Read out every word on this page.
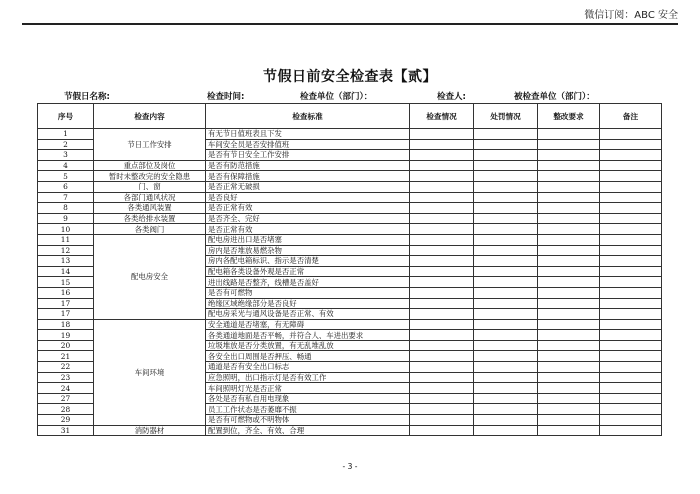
微信订阅：ABC 安全
节假日前安全检查表【贰】
节假日名称:	检查时间:	检查单位（部门）：	检查人:	被检查单位（部门）：
序号	检查内容	检查标准	检查情况	处罚情况	整改要求	备注
1	节日工作安排	有无节日值班表且下发				
2		车间安全员是否安排值班				
3		是否有节日安全工作安排				
4	重点部位及岗位	是否有防范措施				
5	暂时未整改完的安全隐患	是否有保障措施				
6	门、窗	是否正常无破损				
7	各部门通风状况	是否良好				
8	各类通风装置	是否正常有效				
9	各类给排水装置	是否齐全、完好				
10	各类阀门	是否正常有效				
11	配电房安全	配电房进出口是否堵塞				
12		房内是否堆放易燃杂物				
13		房内各配电箱标识、指示是否清楚				
14		配电箱各类设备外观是否正常				
15		进出线路是否整齐，线槽是否盖好				
16		是否有可燃物				
17		绝缘区域绝缘部分是否良好				
17		配电房采光与通风设备是否正常、有效				
18	车间环境	安全通道是否堵塞，有无障碍				
19		各类通道地面是否平畅，并符合人、车进出要求				
20		垃圾堆放是否分类放置，有无乱堆乱放				
21		各安全出口周围是否押压、畅通				
22		通道是否有安全出口标志				
23		应急照明，出口指示灯是否有效工作				
24		车间照明灯光是否正常				
27		各处是否有私自用电现象				
28		员工工作状态是否萎靡不振				
29		是否有可燃物或不明物体				
31	消防器材	配置到位，齐全、有效、合理				
- 3 -
